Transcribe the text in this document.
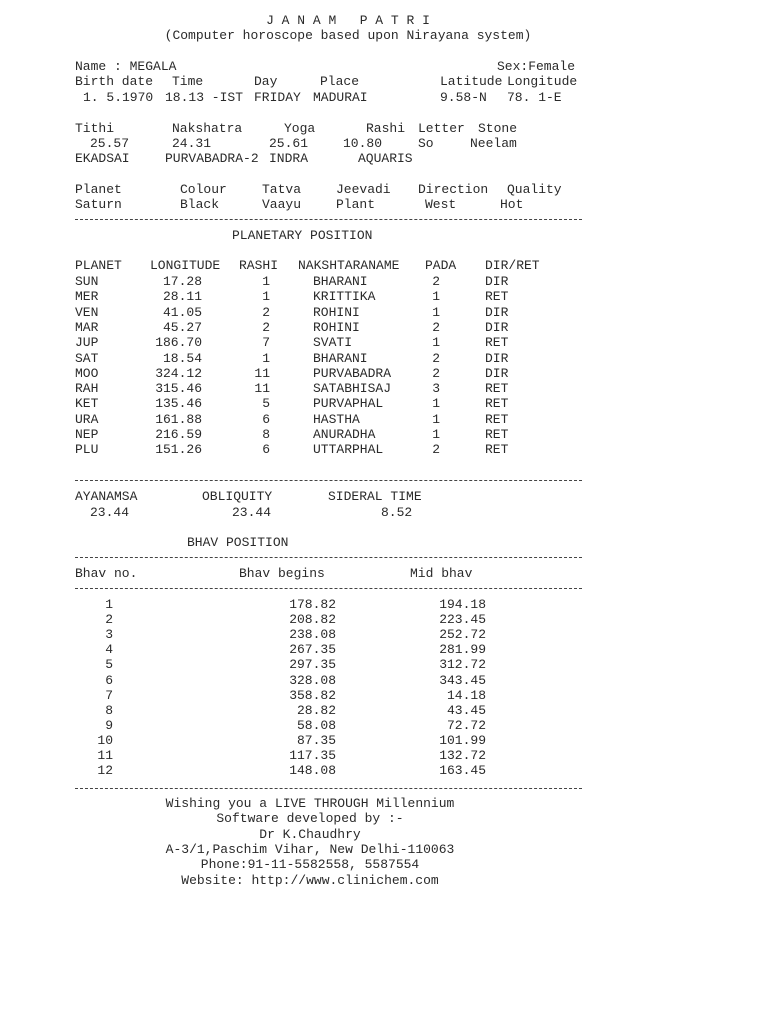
J A N A M   P A T R I
(Computer horoscope based upon Nirayana system)
Name : MEGALA	Sex:Female
Birth date Time	Day	Place	Latitude Longitude
1. 5.1970 18.13 -IST FRIDAY MADURAI	9.58-N 78. 1-E
Tithi	Nakshatra	Yoga	Rashi Letter Stone
25.57	24.31	25.61	10.80	So	Neelam
EKADSAI	PURVABADRA-2 INDRA	AQUARIS
Planet	Colour	Tatva	Jeevadi Direction Quality
Saturn	Black	Vaayu	Plant	West	Hot
PLANETARY POSITION
PLANET LONGITUDE RASHI NAKSHTARANAME PADA DIR/RET
SUN	17.28	1	BHARANI	2	DIR
MER	28.11	1	KRITTIKA	1	RET
VEN	41.05	2	ROHINI	1	DIR
MAR	45.27	2	ROHINI	2	DIR
JUP	186.70	7	SVATI	1	RET
SAT	18.54	1	BHARANI	2	DIR
MOO	324.12	11	PURVABADRA	2	DIR
RAH	315.46	11	SATABHISAJ	3	RET
KET	135.46	5	PURVAPHAL	1	RET
URA	161.88	6	HASTHA	1	RET
NEP	216.59	8	ANURADHA	1	RET
PLU	151.26	6	UTTARPHAL	2	RET
AYANAMSA	OBLIQUITY	SIDERAL TIME
23.44	23.44	8.52
BHAV POSITION
Bhav no.	Bhav begins	Mid bhav
1	178.82	194.18
2	208.82	223.45
3	238.08	252.72
4	267.35	281.99
5	297.35	312.72
6	328.08	343.45
7	358.82	14.18
8	28.82	43.45
9	58.08	72.72
10	87.35	101.99
11	117.35	132.72
12	148.08	163.45
Wishing you a LIVE THROUGH Millennium
Software developed by :-
Dr K.Chaudhry
A-3/1,Paschim Vihar, New Delhi-110063
Phone:91-11-5582558, 5587554
Website: http://www.clinichem.com
